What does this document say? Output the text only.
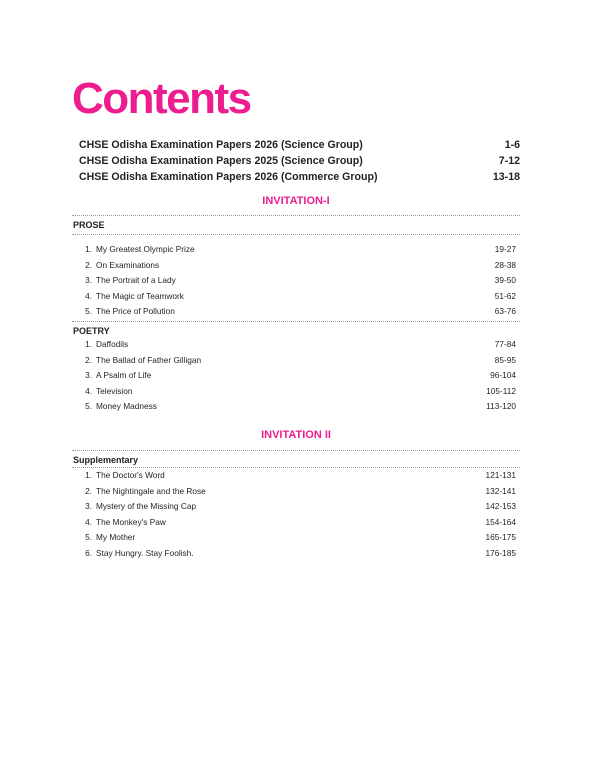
Contents
CHSE Odisha Examination Papers 2026 (Science Group)	1-6
CHSE Odisha Examination Papers 2025 (Science Group)	7-12
CHSE Odisha Examination Papers 2026 (Commerce Group)	13-18
INVITATION-I
PROSE
1. My Greatest Olympic Prize	19-27
2. On Examinations	28-38
3. The Portrait of a Lady	39-50
4. The Magic of Teamwork	51-62
5. The Price of Pollution	63-76
POETRY
1. Daffodils	77-84
2. The Ballad of Father Gilligan	85-95
3. A Psalm of Life	96-104
4. Television	105-112
5. Money Madness	113-120
INVITATION II
Supplementary
1. The Doctor's Word	121-131
2. The Nightingale and the Rose	132-141
3. Mystery of the Missing Cap	142-153
4. The Monkey's Paw	154-164
5. My Mother	165-175
6. Stay Hungry. Stay Foolish.	176-185
